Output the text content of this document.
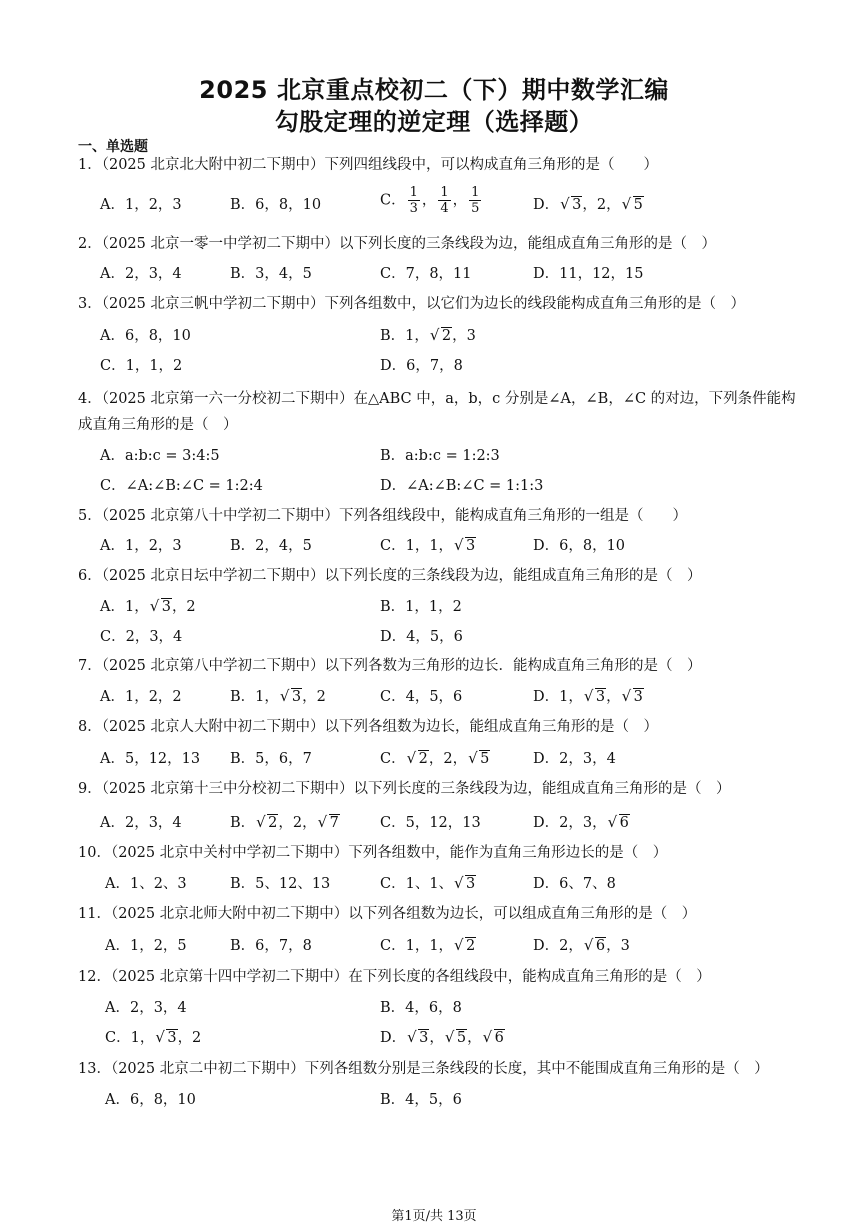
2025 北京重点校初二（下）期中数学汇编
勾股定理的逆定理（选择题）
一、单选题
1．（2025 北京北大附中初二下期中）下列四组线段中，可以构成直角三角形的是（　　）
A．1，2，3	B．6，8，10	C． $\frac{1}{3}$ ， $\frac{1}{4}$ ， $\frac{1}{5}$	D． √ 3，2， √ 5
2．（2025 北京一零一中学初二下期中）以下列长度的三条线段为边，能组成直角三角形的是（　）
A．2，3，4	B．3，4，5	C．7，8，11	D．11，12，15
3．（2025 北京三帆中学初二下期中）下列各组数中，以它们为边长的线段能构成直角三角形的是（　）
A．6，8，10	B．1， √ 2，3
C．1，1，2	D．6，7，8
4．（2025 北京第一六一分校初二下期中）在△ABC 中，a，b，c 分别是∠A，∠B，∠C 的对边，下列条件能构成直角三角形的是（　）
A．a:b:c = 3:4:5	B．a:b:c = 1:2:3
C．∠A:∠B:∠C = 1:2:4	D．∠A:∠B:∠C = 1:1:3
5．（2025 北京第八十中学初二下期中）下列各组线段中，能构成直角三角形的一组是（　　）
A．1，2，3	B．2，4，5	C．1，1， √ 3	D．6，8，10
6．（2025 北京日坛中学初二下期中）以下列长度的三条线段为边，能组成直角三角形的是（　）
A．1， √ 3，2	B．1，1，2
C．2，3，4	D．4，5，6
7．（2025 北京第八中学初二下期中）以下列各数为三角形的边长．能构成直角三角形的是（　）
A．1，2，2	B．1， √ 3，2	C．4，5，6	D．1， √ 3， √ 3
8．（2025 北京人大附中初二下期中）以下列各组数为边长，能组成直角三角形的是（　）
A．5，12，13 B．5，6，7	C． √ 2，2， √ 5	D．2，3，4
9．（2025 北京第十三中分校初二下期中）以下列长度的三条线段为边，能组成直角三角形的是（　）
A．2，3，4	B． √ 2，2， √ 7	C．5，12，13	D．2，3， √ 6
10．（2025 北京中关村中学初二下期中）下列各组数中，能作为直角三角形边长的是（　）
A．1、2、3	B．5、12、13	C．1、1、 √ 3	D．6、7、8
11．（2025 北京北师大附中初二下期中）以下列各组数为边长，可以组成直角三角形的是（　）
A．1，2，5	B．6，7，8	C．1，1， √ 2	D．2， √ 6，3
12．（2025 北京第十四中学初二下期中）在下列长度的各组线段中，能构成直角三角形的是（　）
A．2，3，4	B．4，6，8
C．1， √ 3，2	D． √ 3， √ 5， √ 6
13．（2025 北京二中初二下期中）下列各组数分别是三条线段的长度，其中不能围成直角三角形的是（　）
A．6，8，10	B．4，5，6
第1页/共 13页
